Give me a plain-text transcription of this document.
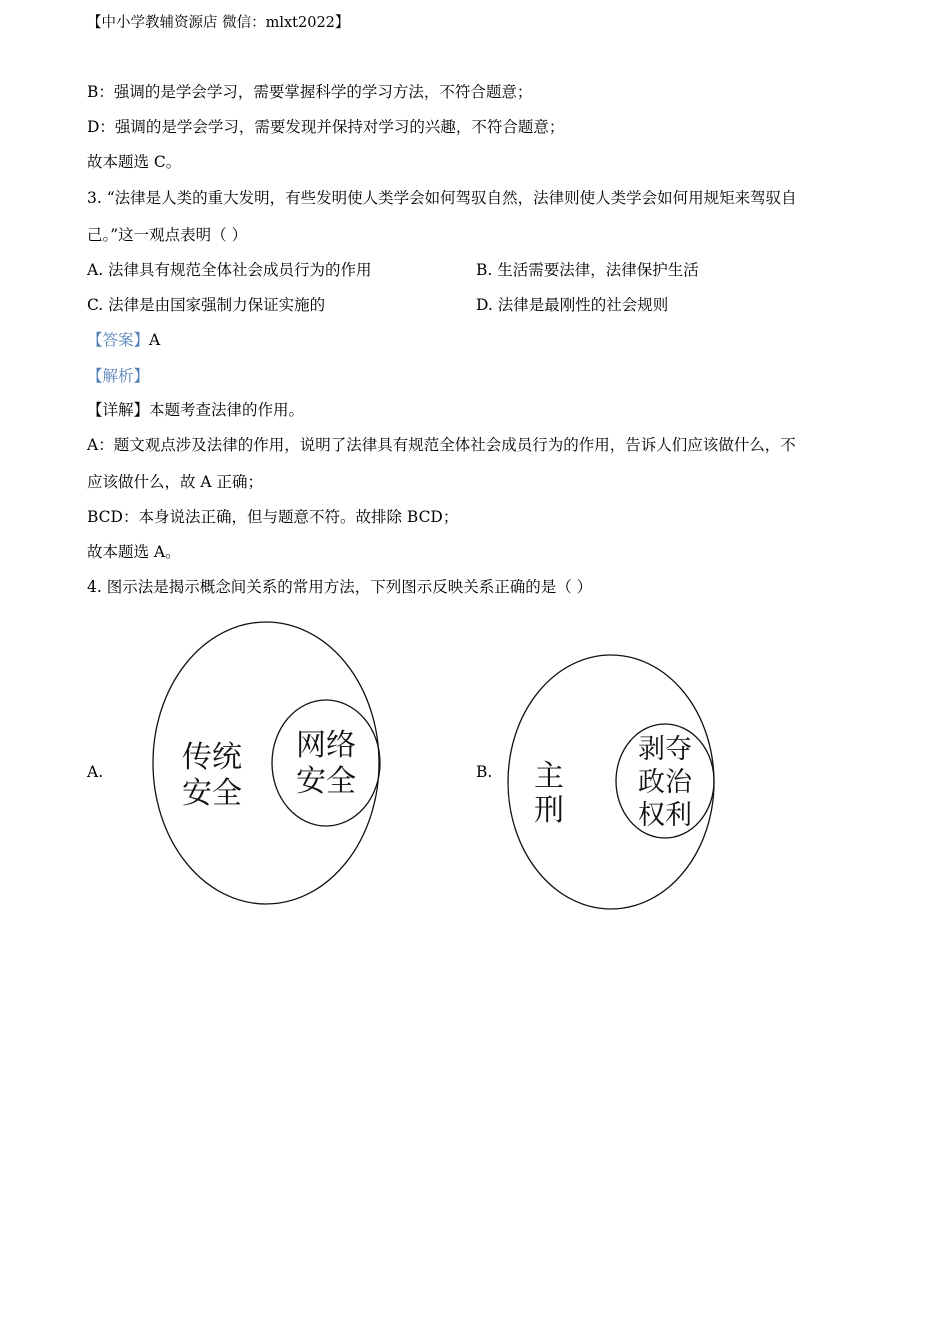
【中小学教辅资源店 微信：mlxt2022】
B：强调的是学会学习，需要掌握科学的学习方法，不符合题意；
D：强调的是学会学习，需要发现并保持对学习的兴趣，不符合题意；
故本题选 C。
3. “法律是人类的重大发明，有些发明使人类学会如何驾驭自然，法律则使人类学会如何用规矩来驾驭自
己。”这一观点表明（ ）
A. 法律具有规范全体社会成员行为的作用	B. 生活需要法律，法律保护生活
C. 法律是由国家强制力保证实施的	D. 法律是最刚性的社会规则
【答案】A
【解析】
【详解】本题考查法律的作用。
A：题文观点涉及法律的作用，说明了法律具有规范全体社会成员行为的作用，告诉人们应该做什么，不
应该做什么，故 A 正确；
BCD：本身说法正确，但与题意不符。故排除 BCD；
故本题选 A。
4. 图示法是揭示概念间关系的常用方法，下列图示反映关系正确的是（ ）
A.	传统
安全
网络
安全	B. 主
刑
剥夺
政治
权利
